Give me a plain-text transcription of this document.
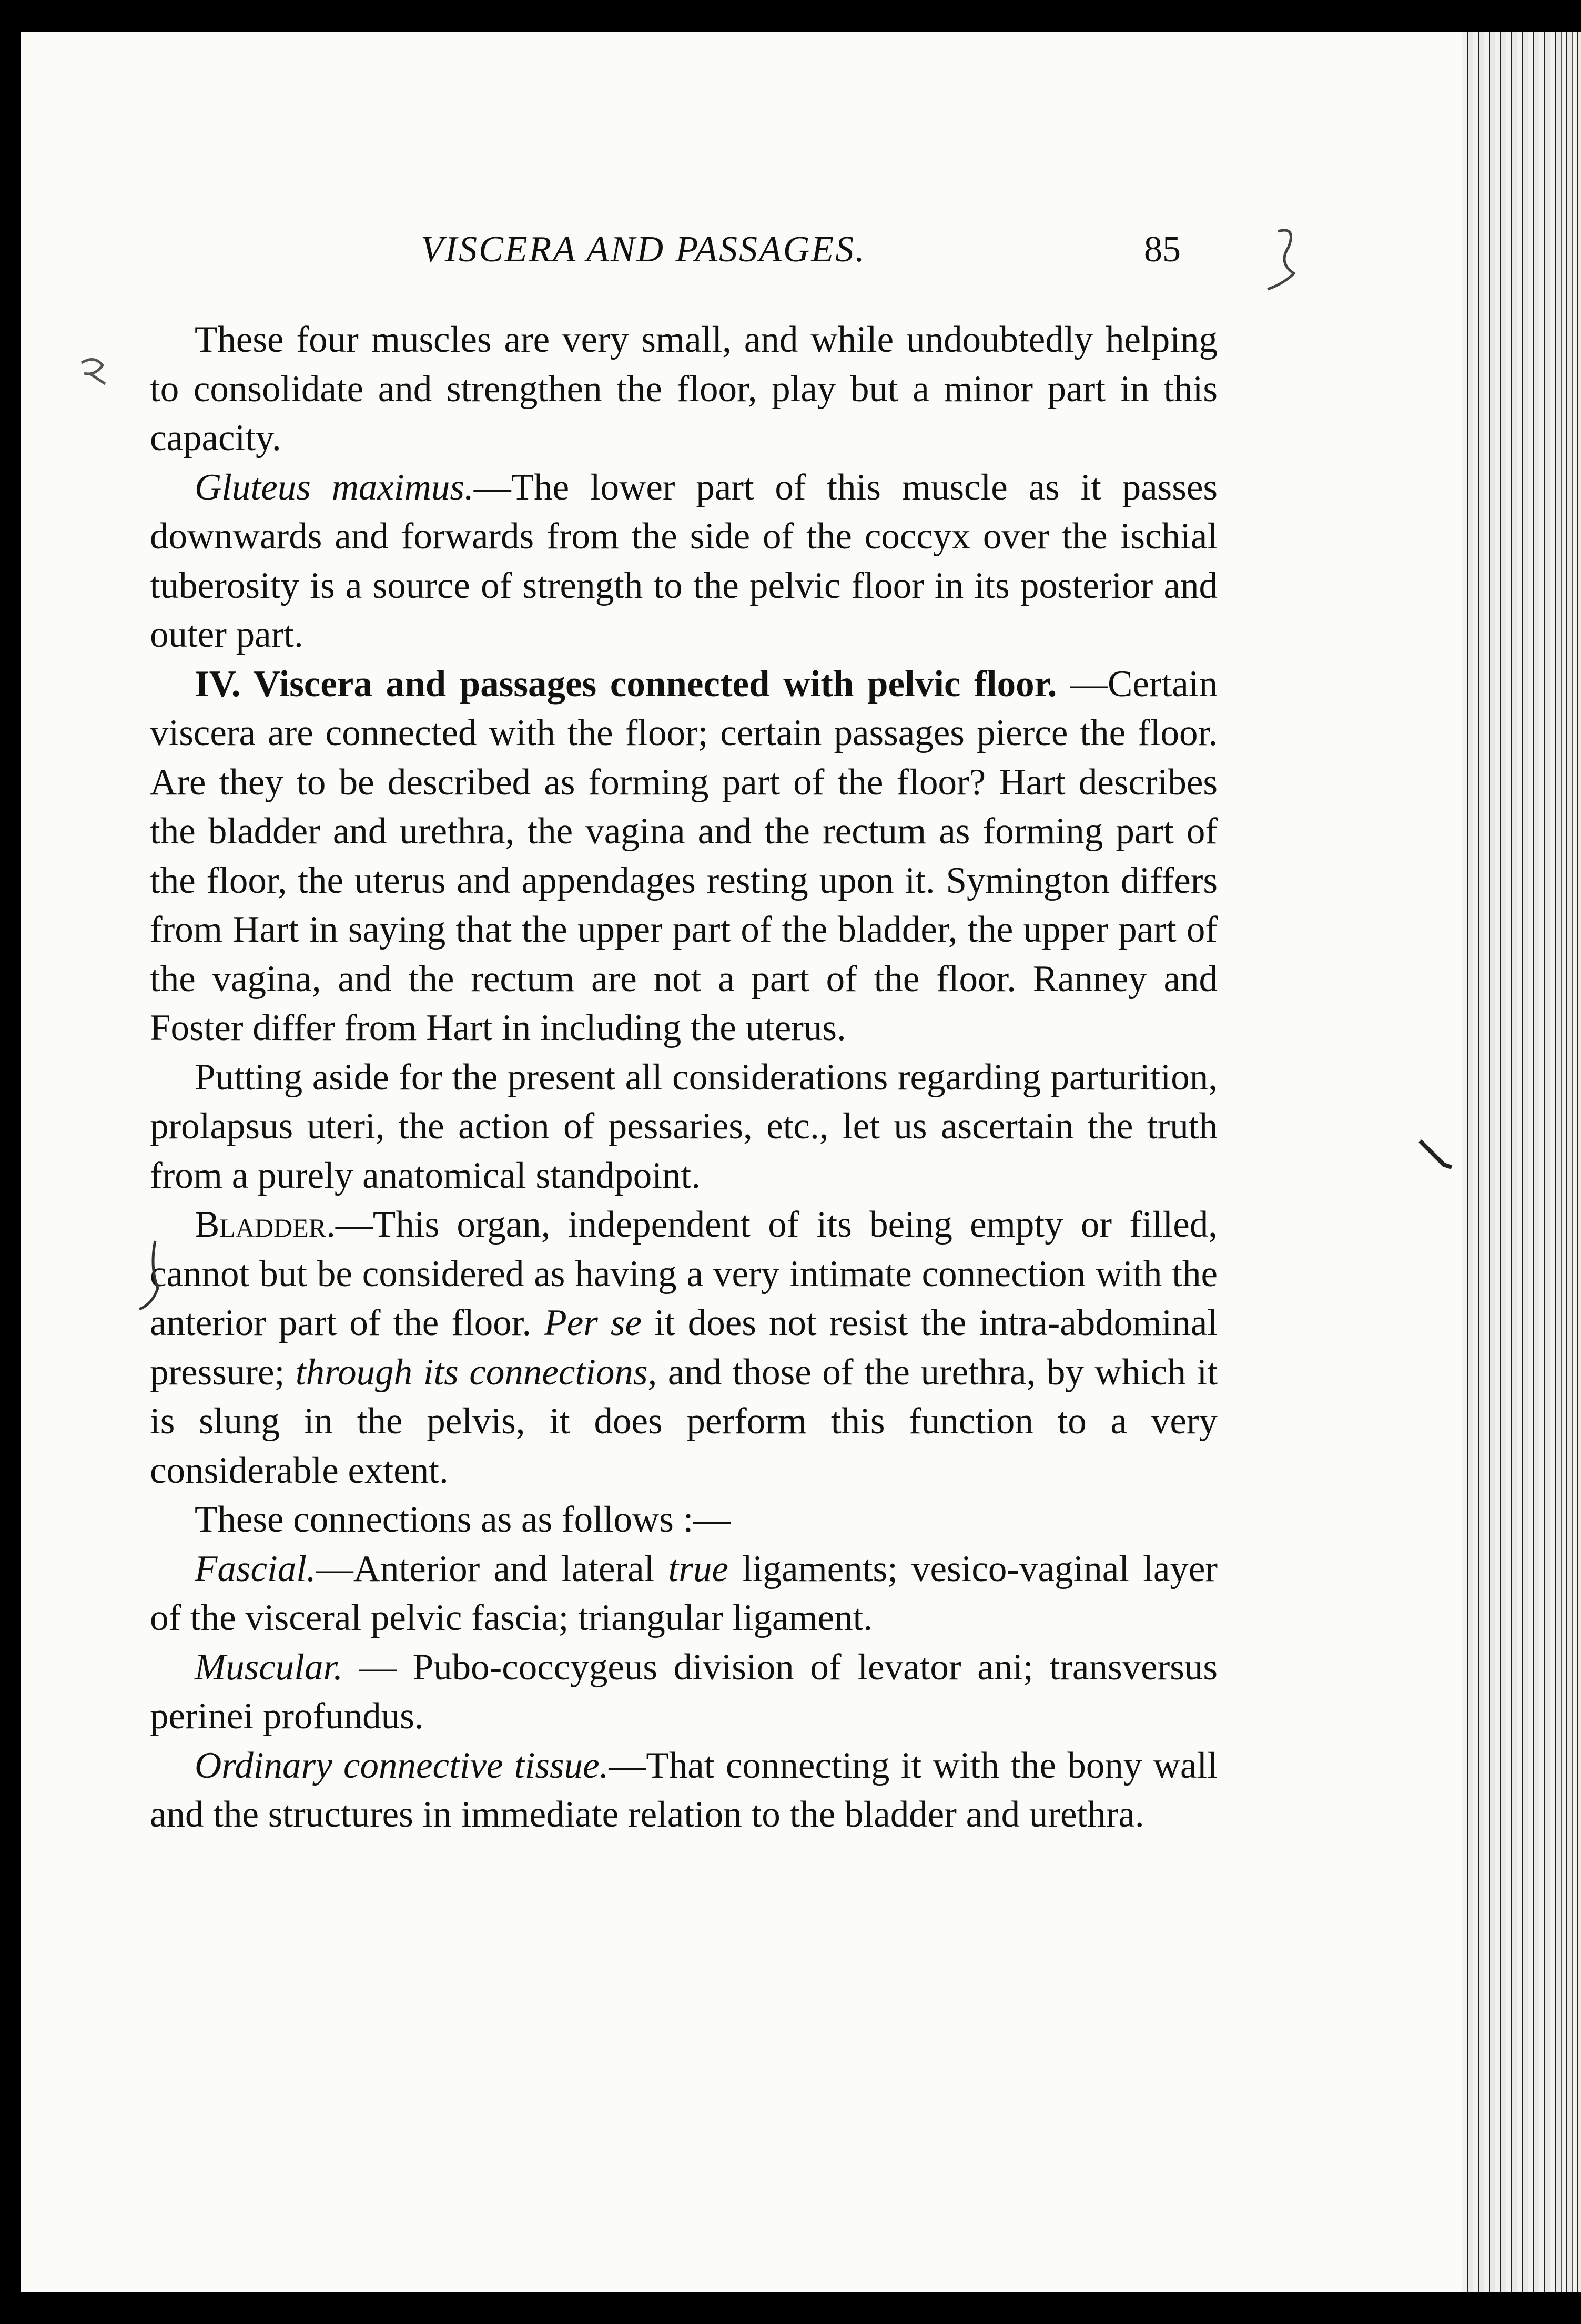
VISCERA AND PASSAGES.	85

These four muscles are very small, and while undoubtedly helping to consolidate and strengthen the floor, play but a minor part in this capacity.

Gluteus maximus.—The lower part of this muscle as it passes downwards and forwards from the side of the coccyx over the ischial tuberosity is a source of strength to the pelvic floor in its posterior and outer part.

IV. Viscera and passages connected with pelvic floor. —Certain viscera are connected with the floor; certain passages pierce the floor. Are they to be described as forming part of the floor? Hart describes the bladder and urethra, the vagina and the rectum as forming part of the floor, the uterus and appendages resting upon it. Symington differs from Hart in saying that the upper part of the bladder, the upper part of the vagina, and the rectum are not a part of the floor. Ranney and Foster differ from Hart in including the uterus.

Putting aside for the present all considerations regarding parturition, prolapsus uteri, the action of pessaries, etc., let us ascertain the truth from a purely anatomical standpoint.

Bladder.—This organ, independent of its being empty or filled, cannot but be considered as having a very intimate connection with the anterior part of the floor. Per se it does not resist the intra-abdominal pressure; through its connections, and those of the urethra, by which it is slung in the pelvis, it does perform this function to a very considerable extent.

These connections as as follows :—

Fascial.—Anterior and lateral true ligaments; vesico-vaginal layer of the visceral pelvic fascia; triangular ligament.

Muscular. — Pubo-coccygeus division of levator ani; transversus perinei profundus.

Ordinary connective tissue.—That connecting it with the bony wall and the structures in immediate relation to the bladder and urethra.
